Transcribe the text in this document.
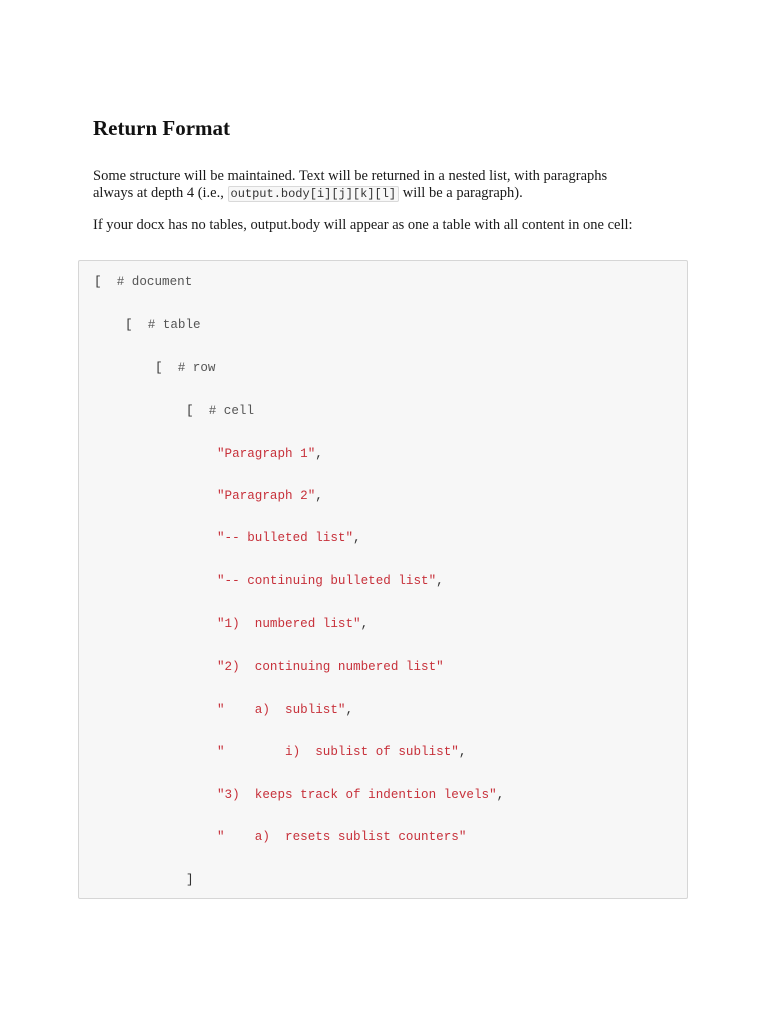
Return Format

Some structure will be maintained. Text will be returned in a nested list, with paragraphs
always at depth 4 (i.e., output.body[i][j][k][l] will be a paragraph).

If your docx has no tables, output.body will appear as one a table with all content in one cell:

[ # document
[ # table
[ # row
[ # cell
"Paragraph 1",
"Paragraph 2",
"-- bulleted list",
"-- continuing bulleted list",
"1)  numbered list",
"2)  continuing numbered list"
"    a)  sublist",
"        i)  sublist of sublist",
"3)  keeps track of indention levels",
"    a)  resets sublist counters"
]
